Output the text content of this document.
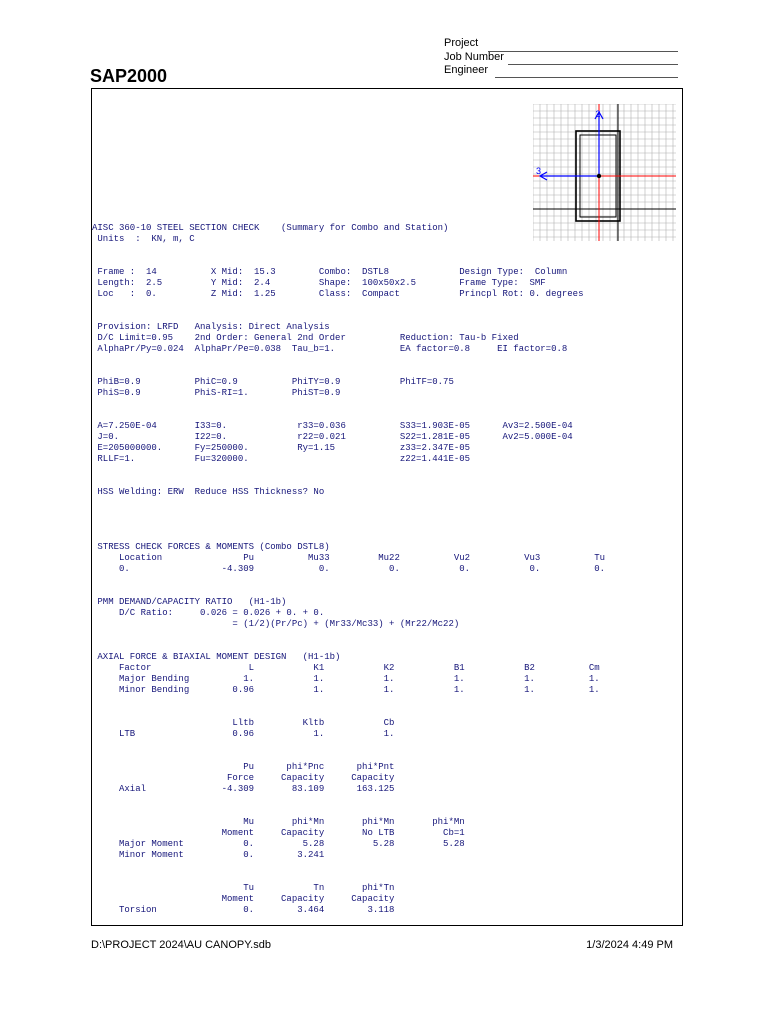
SAP2000
Project
Job Number
Engineer
2
3
AISC 360-10 STEEL SECTION CHECK    (Summary for Combo and Station)
Units  :  KN, m, C

Frame :  14          X Mid:  15.3        Combo:  DSTL8             Design Type:  Column
Length:  2.5         Y Mid:  2.4         Shape:  100x50x2.5        Frame Type:  SMF
Loc   :  0.          Z Mid:  1.25        Class:  Compact           Princpl Rot: 0. degrees

Provision: LRFD   Analysis: Direct Analysis
D/C Limit=0.95    2nd Order: General 2nd Order          Reduction: Tau-b Fixed
AlphaPr/Py=0.024  AlphaPr/Pe=0.038  Tau_b=1.            EA factor=0.8     EI factor=0.8

PhiB=0.9          PhiC=0.9          PhiTY=0.9           PhiTF=0.75
PhiS=0.9          PhiS-RI=1.        PhiST=0.9

A=7.250E-04       I33=0.             r33=0.036          S33=1.903E-05      Av3=2.500E-04
J=0.              I22=0.             r22=0.021          S22=1.281E-05      Av2=5.000E-04
E=205000000.      Fy=250000.         Ry=1.15            z33=2.347E-05
RLLF=1.           Fu=320000.                            z22=1.441E-05

HSS Welding: ERW  Reduce HSS Thickness? No

STRESS CHECK FORCES & MOMENTS (Combo DSTL8)
Location               Pu          Mu33         Mu22          Vu2          Vu3          Tu
0.                 -4.309            0.           0.           0.           0.          0.

PMM DEMAND/CAPACITY RATIO   (H1-1b)
D/C Ratio:     0.026 = 0.026 + 0. + 0.
= (1/2)(Pr/Pc) + (Mr33/Mc33) + (Mr22/Mc22)

AXIAL FORCE & BIAXIAL MOMENT DESIGN   (H1-1b)
Factor                  L           K1           K2           B1           B2          Cm
Major Bending          1.           1.           1.           1.           1.          1.
Minor Bending        0.96           1.           1.           1.           1.          1.

Lltb         Kltb           Cb
LTB                  0.96           1.           1.

Pu      phi*Pnc      phi*Pnt
Force     Capacity     Capacity
Axial              -4.309       83.109      163.125

Mu       phi*Mn       phi*Mn       phi*Mn
Moment     Capacity       No LTB         Cb=1
Major Moment           0.         5.28         5.28         5.28
Minor Moment           0.        3.241

Tu           Tn       phi*Tn
Moment     Capacity     Capacity
Torsion                0.        3.464        3.118

D:\PROJECT 2024\AU CANOPY.sdb	1/3/2024 4:49 PM
